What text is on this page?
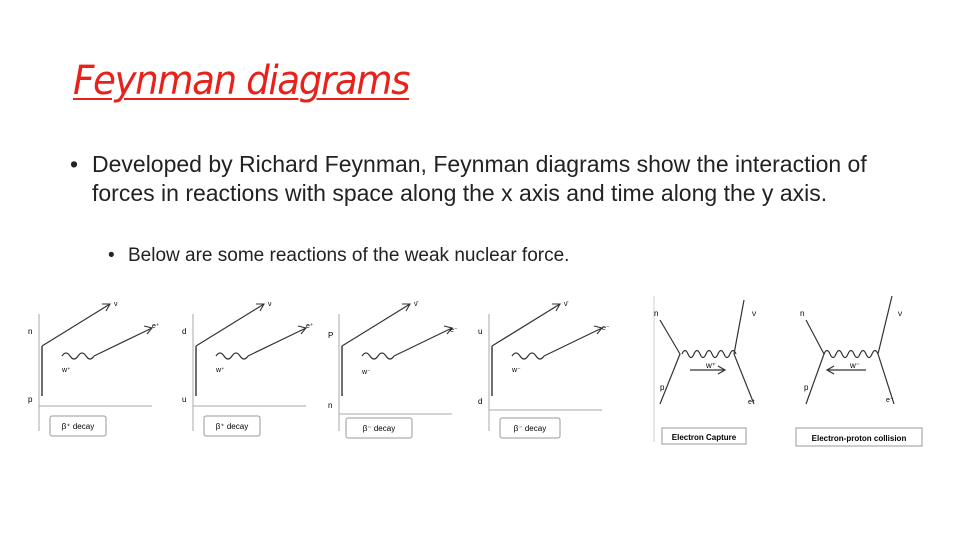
Feynman diagrams
• Developed by Richard Feynman, Feynman diagrams show the interaction of forces in reactions with space along the x axis and time along the y axis.
• Below are some reactions of the weak nuclear force.
n
p
ν
e⁺
w⁺
β⁺ decay
d
u
ν
e⁺
w⁺
β⁺ decay
P
n
ν̄
e⁻
w⁻
β⁻ decay
u
d
ν̄
e⁻
w⁻
β⁻ decay
n	ν
p
e⁺
w⁺
Electron Capture
n	ν
p
e⁻
w⁻
Electron-proton collision
